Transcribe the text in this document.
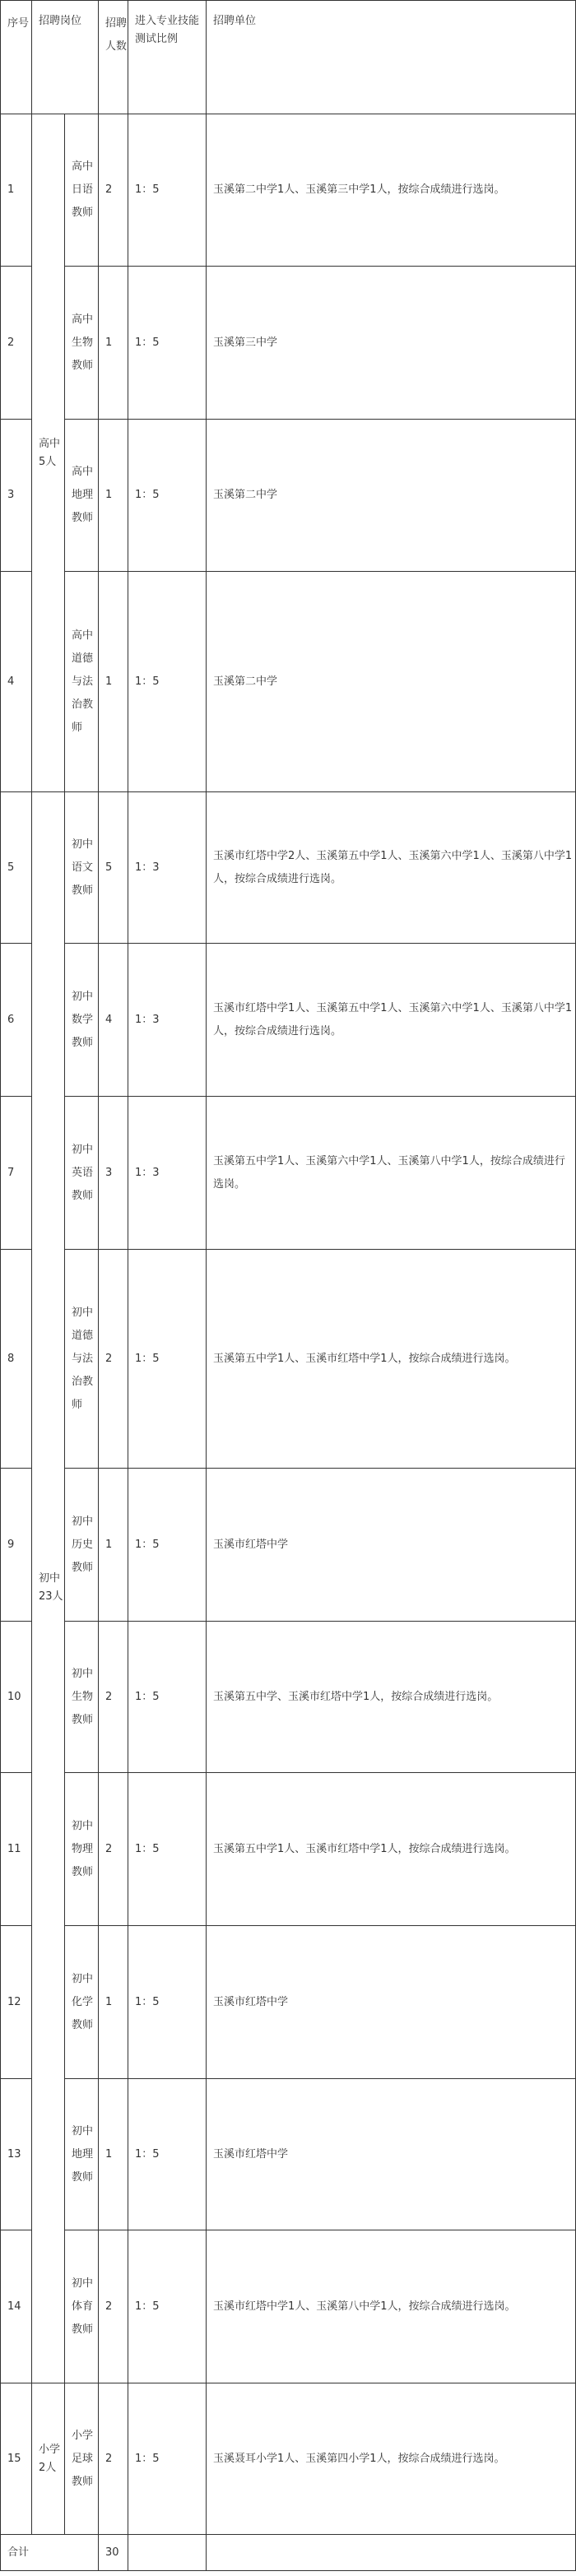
序号	招聘岗位		招聘人数	进入专业技能测试比例	招聘单位
1	高中5人	高中日语教师	2	1：5	玉溪第二中学1人、玉溪第三中学1人，按综合成绩进行选岗。
2		高中生物教师	1	1：5	玉溪第三中学
3		高中地理教师	1	1：5	玉溪第二中学
4		高中道德与法治教师	1	1：5	玉溪第二中学
5	初中23人	初中语文教师	5	1：3	玉溪市红塔中学2人、玉溪第五中学1人、玉溪第六中学1人、玉溪第八中学1人，按综合成绩进行选岗。
6		初中数学教师	4	1：3	玉溪市红塔中学1人、玉溪第五中学1人、玉溪第六中学1人、玉溪第八中学1人，按综合成绩进行选岗。
7		初中英语教师	3	1：3	玉溪第五中学1人、玉溪第六中学1人、玉溪第八中学1人，按综合成绩进行选岗。
8		初中道德与法治教师	2	1：5	玉溪第五中学1人、玉溪市红塔中学1人，按综合成绩进行选岗。
9		初中历史教师	1	1：5	玉溪市红塔中学
10		初中生物教师	2	1：5	玉溪第五中学、玉溪市红塔中学1人，按综合成绩进行选岗。
11		初中物理教师	2	1：5	玉溪第五中学1人、玉溪市红塔中学1人，按综合成绩进行选岗。
12		初中化学教师	1	1：5	玉溪市红塔中学
13		初中地理教师	1	1：5	玉溪市红塔中学
14		初中体育教师	2	1：5	玉溪市红塔中学1人、玉溪第八中学1人，按综合成绩进行选岗。
15	小学2人	小学足球教师	2	1：5	玉溪聂耳小学1人、玉溪第四小学1人，按综合成绩进行选岗。
合计			30		
